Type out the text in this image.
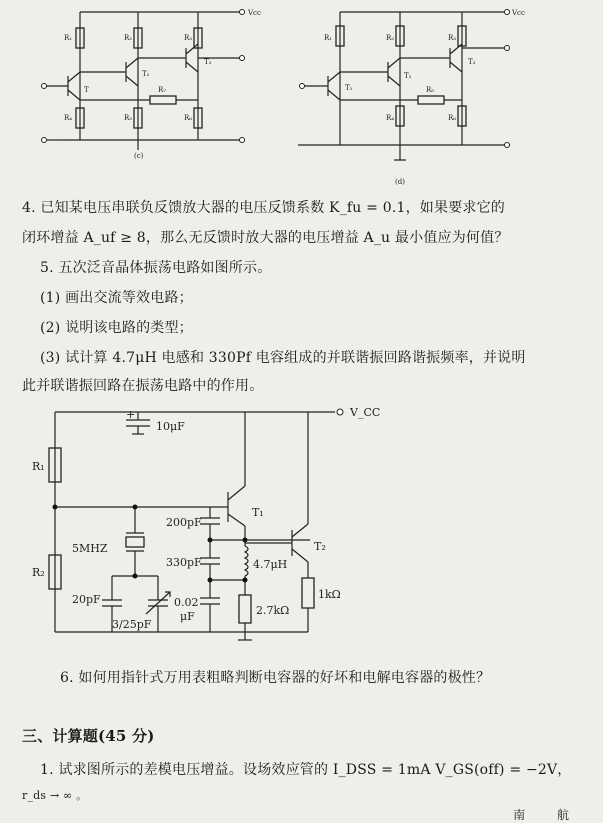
Vcc
R₁
R₄
R₂
R₅
R₃
R₆
T
T₂
T₃
R₇
(c)
Vcc
R₁	R₂
R₄
R₃
R₆
T₁
T₂
T₃
R₅
(d)
4. 已知某电压串联负反馈放大器的电压反馈系数 K_fu = 0.1，如果要求它的
闭环增益 A_uf ≥ 8，那么无反馈时放大器的电压增益 A_u 最小值应为何值？
5. 五次泛音晶体振荡电路如图所示。
(1) 画出交流等效电路；
(2) 说明该电路的类型；
(3) 试计算 4.7μH 电感和 330Pf 电容组成的并联谐振回路谐振频率，并说明
此并联谐振回路在振荡电路中的作用。
V_CC
+
10μF
R₁
R₂
T₁
5MHZ
20pF
3/25pF
200pF
330pF
0.02
μF
4.7μH
2.7kΩ
T₂
1kΩ
6. 如何用指针式万用表粗略判断电容器的好坏和电解电容器的极性？
三、计算题(45 分)
1. 试求图所示的差模电压增益。设场效应管的 I_DSS = 1mA V_GS(off) = −2V，
r_ds → ∞ 。
南 航
